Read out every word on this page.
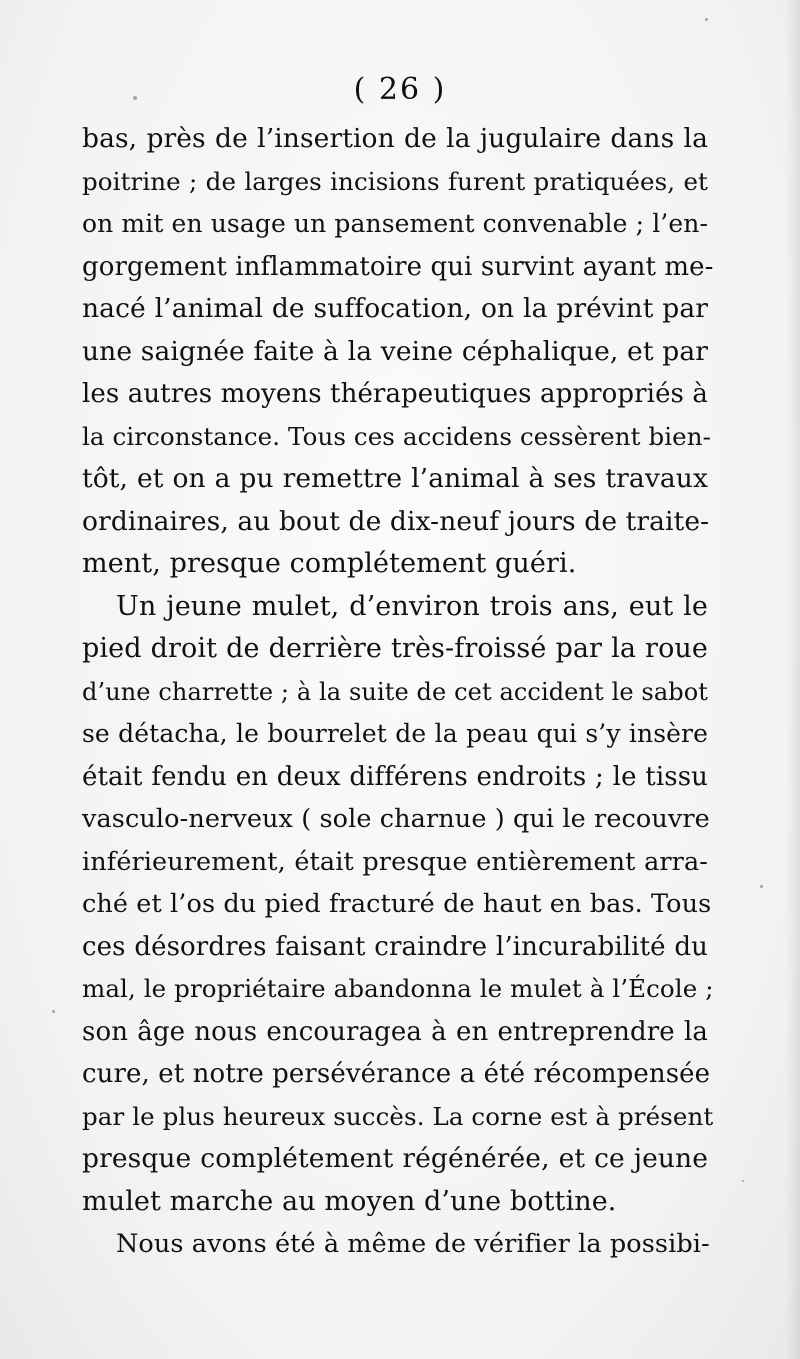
( 26 )
bas, près de l’insertion de la jugulaire dans la
poitrine ; de larges incisions furent pratiquées, et
on mit en usage un pansement convenable ; l’en-
gorgement inflammatoire qui survint ayant me-
nacé l’animal de suffocation, on la prévint par
une saignée faite à la veine céphalique, et par
les autres moyens thérapeutiques appropriés à
la circonstance. Tous ces accidens cessèrent bien-
tôt, et on a pu remettre l’animal à ses travaux
ordinaires, au bout de dix-neuf jours de traite-
ment, presque complétement guéri.
Un jeune mulet, d’environ trois ans, eut le
pied droit de derrière très-froissé par la roue
d’une charrette ; à la suite de cet accident le sabot
se détacha, le bourrelet de la peau qui s’y insère
était fendu en deux différens endroits ; le tissu
vasculo-nerveux ( sole charnue ) qui le recouvre
inférieurement, était presque entièrement arra-
ché et l’os du pied fracturé de haut en bas. Tous
ces désordres faisant craindre l’incurabilité du
mal, le propriétaire abandonna le mulet à l’École ;
son âge nous encouragea à en entreprendre la
cure, et notre persévérance a été récompensée
par le plus heureux succès. La corne est à présent
presque complétement régénérée, et ce jeune
mulet marche au moyen d’une bottine.
Nous avons été à même de vérifier la possibi-
